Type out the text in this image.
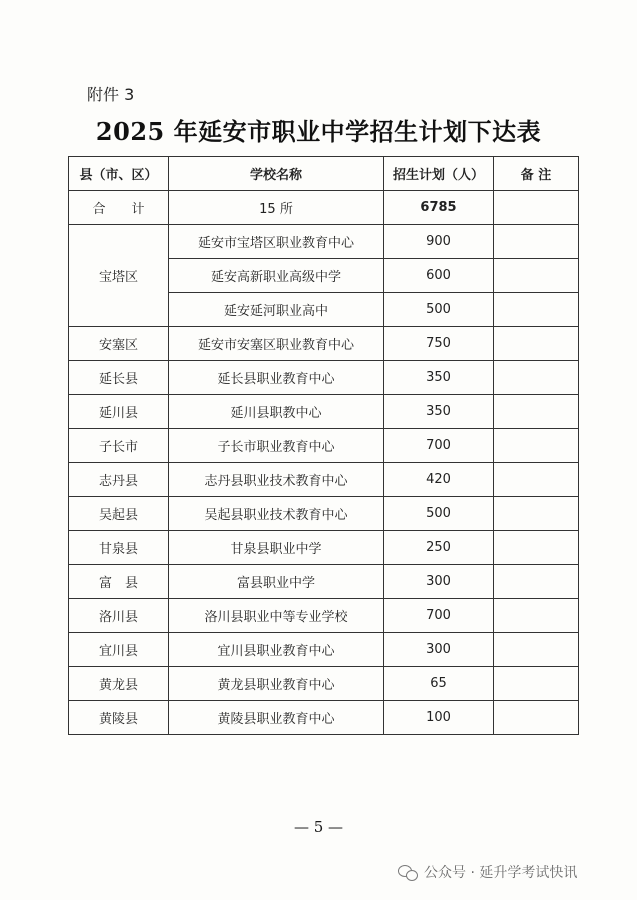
附件 3
2025 年延安市职业中学招生计划下达表
县（市、区）	学校名称	招生计划（人）	备 注
合　　计	15 所	6785	
宝塔区	延安市宝塔区职业教育中心	900	
	延安高新职业高级中学	600	
	延安延河职业高中	500	
安塞区	延安市安塞区职业教育中心	750	
延长县	延长县职业教育中心	350	
延川县	延川县职教中心	350	
子长市	子长市职业教育中心	700	
志丹县	志丹县职业技术教育中心	420	
吴起县	吴起县职业技术教育中心	500	
甘泉县	甘泉县职业中学	250	
富　县	富县职业中学	300	
洛川县	洛川县职业中等专业学校	700	
宜川县	宜川县职业教育中心	300	
黄龙县	黄龙县职业教育中心	65	
黄陵县	黄陵县职业教育中心	100	
— 5 —
公众号 · 延升学考试快讯
